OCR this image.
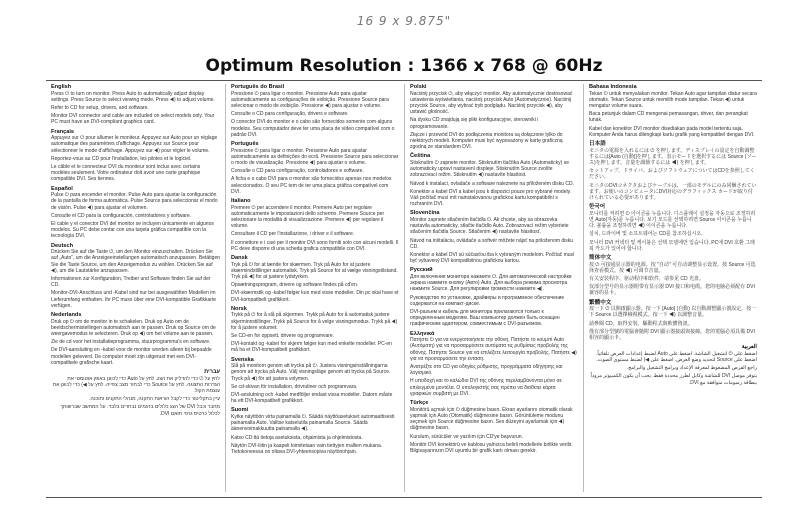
16 9 x 9.875"
Optimum Resolution : 1366 x 768 @ 60Hz
English

Press ⏻ to turn on monitor. Press Auto to automatically adjust display settings. Press Source to select viewing mode. Press ◀) to adjust volume.

Refer to CD for setup, drivers, and software.

Monitor DVI connector and cable are included on select models only. Your PC must have an DVI-compliant graphics card.

Français

Appuyez sur ⏻ pour allumer le moniteur. Appuyez sur Auto pour un réglage automatique des paramètres d'affichage. Appuyez sur Source pour sélectionner le mode d'affichage. Appuyez sur ◀) pour régler le volume.

Reportez-vous au CD pour l'installation, les pilotes et le logiciel.

Le câble et le connecteur DVI du moniteur sont inclus avec certains modèles seulement. Votre ordinateur doit avoir une carte graphique compatible DVI. Ses tiennes.

Español

Pulse ⏻ para encender el monitor. Pulse Auto para ajustar la configuración de la pantalla de forma automática. Pulse Source para seleccionar el modo de visión. Pulse ◀) para ajustar el volumen.

Consulte el CD para la configuración, controladores y software.

El cable y el conector DVI del monitor se incluyen únicamente en algunos modelos. Su PC debe contar con una tarjeta gráfica compatible con la tecnología DVI.

Deutsch

Drücken Sie auf die Taste ⏻, um den Monitor einzuschalten. Drücken Sie auf „Auto“, um die Anzeigeeinstellungen automatisch anzupassen. Betätigen Sie die Taste Source, um den Anzeigemodus zu wählen. Drücken Sie auf ◀), um die Lautstärke anzupassen.

Informationen zur Konfiguration, Treiber und Software finden Sie auf der CD.

Monitor-DVI-Anschluss und -Kabel sind nur bei ausgewählten Modellen im Lieferumfang enthalten. Ihr PC muss über eine DVI-kompatible Grafikkarte verfügen.

Nederlands

Druk op ⏻ om de monitor in te schakelen. Druk op Auto om de beeldschermistellingen automatisch aan te passen. Druk op Source om de weergavemodus te selecteren. Druk op ◀) om het volume aan te passen.

Zie de cd voor het installatieprogramma, stuurprogramma's en software.

De DVI-aansluiting en -kabel voor de monitor worden alleen bij bepaalde modellen geleverd. De computer moet zijn uitgerust met een DVI-compatibele grafische kaart.

עברית

לחץ על ⏻ כדי להדליק את הצג. לחץ על Auto כדי לכוונן באופן אוטומטי את הגדרות התצוגה. לחץ על Source כדי לבחור מצב צפייה. לחץ על ◀) כדי לכוונן את עוצמת הקול.

עיין בתקליטור כדי לקבל הוראות התקנה, מנהלי התקנים ותוכנה.

מחבר וכבל DVI של הצג כלולים בדגמים נבחרים בלבד. על המחשב שברשותך לכלול כרטיס גרפי תואם DVI.

Português do Brasil

Pressione ⏻ para ligar o monitor. Pressione Auto para ajustar automaticamente as configurações de exibição. Pressione Source para selecionar o modo de exibição. Pressione ◀) para ajustar o volume.

Consulte o CD para configuração, drivers e software.

O conector DVI do monitor e o cabo são fornecidos somente com alguns modelos. Seu computador deve ter uma placa de vídeo compatível com o padrão DVI.

Português

Pressione ⏻ para ligar o monitor. Pressione Auto para ajustar automaticamente as definições do ecrã. Pressione Source para seleccionar o modo de visualização. Pressione ◀) para ajustar o volume.

Consulte o CD para configuração, controladores e software.

A ficha e o cabo DVI para o monitor são fornecidos apenas nos modelos seleccionados. O seu PC tem de ter uma placa gráfica compatível com DVI.

Italiano

Premere ⏻ per accendere il monitor. Premere Auto per regolare automaticamente le impostazioni dello schermo. Premere Source per selezionare la modalità di visualizzazione. Premere ◀) per regolare il volume.

Consultare il CD per l'installazione, i driver e il software.

Il connettore e i cavi per il monitor DVI sono forniti solo con alcuni modelli. Il PC deve disporre di una scheda grafica compatibile con DVI.

Dansk

Tryk på ⏻ for at tænde for skærmen. Tryk på Auto for at justere skærmindstillinger automatisk. Tryk på Source for at vælge visningstilstand. Tryk på ◀) for at justere lydstyrken.

Opsætningsprogram, drivere og software findes på cd'en.

DVI-skærmstik og -kabel følger kun med visse modeller. Din pc skal have et DVI-kompatibelt grafikkort.

Norsk

Trykk på ⏻ for å slå på skjermen. Trykk på Auto for å automatisk justere skjerminnstillinger. Trykk på Source for å velge visningsmodus. Trykk på ◀) for å justere volumet.

Se CD-en for oppsett, drivere og programvare.

DVI-kontakt og -kabel for skjerm følger kun med enkelte modeller. PC-en må ha et DVI-kompatibelt grafikkort.

Svenska

Slå på monitorn genom att trycka på ⏻. Justera visningsinställningarna genom att trycka på Auto. Välj visningsläge genom att trycka på Source. Tryck på ◀) för att justera volymen.

Se cd-skivan för installation, drivrutiner och programvara.

DVI-anslutning och -kabel medföljer endast vissa modeller. Datorn måste ha ett DVI-kompatibelt grafikkort.

Suomi

Kytke näyttöön virta painamalla ⏻. Säädä näyttöasetukset automaattisesti painamalla Auto. Valitse katselutila painamalla Source. Säädä äänenvoimakkuutta painamalla ◀).

Katso CD:ltä tietoja asetuksista, ohjaimista ja ohjelmistosta.

Näytön DVI-liitin ja kaapeli toimitetaan vain tiettyjen mallien mukana. Tietokoneessa on oltava DVI-yhteensopiva näytönohjain.

Polski

Naciśnij przycisk ⏻, aby włączyć monitor. Aby automatycznie dostosować ustawienia wyświetlania, naciśnij przycisk Auto (Automatycznie). Naciśnij przycisk Source, aby wybrać tryb podglądu. Naciśnij przycisk ◀), aby ustawić głośność.

Na dysku CD znajdują się pliki konfiguracyjne, sterowniki i oprogramowanie.

Złącze i przewód DVI do podłączenia monitora są dołączone tylko do niektórych modeli. Komputer musi być wyposażony w kartę graficzną zgodną ze standardem DVI.

Čeština

Stisknutím ⏻ zapnete monitor. Stisknutím tlačítka Auto (Automaticky) se automaticky upraví nastavení displeje. Stisknutím Source zvolíte zobrazovací režim. Stisknutím ◀) nastavíte hlasitost.

Návod k instalaci, ovladače a software naleznete na přiloženém disku CD.

Konektor a kabel DVI a kabel jsou k dispozici pouze pro vybrané modely. Váš počítač musí mít nainstalovanou grafickou kartu kompatibilní s rozhraním DVI.

Slovenčina

Monitor zapnete stlačením tlačidla ⏻. Ak chcete, aby sa obrazovka nastavila automaticky, stlačte tlačidlo Auto. Zobrazovací režim vyberiete stlačením tlačidla Source. Stlačením ◀) nastavíte hlasitosť.

Návod na inštaláciu, ovládače a softvér môžete nájsť na priloženom disku CD.

Konektor a kábel DVI sú súčasťou iba k vybraným modelom. Počítač musí byť vybavený DVI kompatibilnou grafickou kartou.

Русский

Для включения монитора нажмите ⏻. Для автоматической настройки экрана нажмите кнопку (Авто) Auto. Для выбора режима просмотра нажмите Source. Для регулировки громкости нажмите ◀).

Руководство по установке, драйверы и программное обеспечение содержатся на компакт-диске.

DVI-разъем и кабель для монитора прилагаются только к определенным моделям. Ваш компьютер должен быть оснащен графическим адаптером, совместимым с DVI-разъемом.

Ελληνικά

Πατήστε ⏻ για να ενεργοποιήσετε την οθόνη. Πατήστε το κουμπί Auto (Αυτόματη) για να προσαρμόσετε αυτόματα τις ρυθμίσεις προβολής της οθόνης. Πατήστε Source για να επιλέξετε λειτουργία προβολής. Πατήστε ◀) για να προσαρμόσετε την ένταση.

Ανατρέξτε στο CD για οδηγίες ρύθμισης, προγράμματα οδήγησης και λογισμικό.

Η υποδοχή και το καλώδιο DVI της οθόνης περιλαμβάνονται μόνο σε επιλεγμένα μοντέλα. Ο υπολογιστής σας πρέπει να διαθέτει κάρτα γραφικών συμβατή με DVI.

Türkçe

Monitörü açmak için ⏻ düğmesine basın. Ekran ayarlarını otomatik olarak yapmak için Auto (Otomatik) düğmesine basın. Görüntüleme modunu seçmek için Source düğmesine basın. Ses düzeyini ayarlamak için ◀) düğmesine basın.

Kurulum, sürücüler ve yazılım için CD'ye başvurun.

Monitör DVI konektörü ve kablosu yalnızca belirli modellerle birlikte verilir. Bilgisayarınızın DVI uyumlu bir grafik kartı olması gerekir.

Bahasa Indonesia

Tekan ⏻ untuk menyalakan monitor. Tekan Auto agar tampilan diatur secara otomatis. Tekan Source untuk memilih mode tampilan. Tekan ◀) untuk mengatur volume suara.

Baca petunjuk dalam CD mengenai pemasangan, driver, dan perangkat lunak.

Kabel dan konektor DVI monitor disediakan pada model tertentu saja. Komputer Anda harus dilengkapi kartu grafik yang kompatibel dengan DVI.

日本語

モニタの電源を入れるには ⏻ を押します。ディスプレイの設定を自動調整するには[Auto (自動)]を押します。表示モードを選択するには Source (ソース)を押します。音量を調節するには ◀) を押します。

セットアップ、ドライバ、およびソフトウェアについてはCDを参照してください。

モニタのDVIコネクタおよびケーブルは、一部のモデルにのみ同梱されています。お使いのコンピュータにDVI対応のグラフィックス カードが取り付けられている必要があります。

한국어

모니터를 켜려면 ⏻ 이이콘을 누릅니다. 디스플레이 설정을 자동으로 조정하려면 Auto(자동)를 누릅니다. 보기 모드를 선택하려면 Source 이이콘을 누릅니다. 볼륨을 조절하려면 ◀) 이이콘을 누릅니다.

설치, 드라이버 및 소프트웨어는 CD를 참조하십시오.

모니터 DVI 커넥터 및 케이블은 선택 모델에만 입습니다. PC에 DVI 호환 그래픽 카드가 있어야 합니다.

简体中文

按 ⏻ 可接通显示器的电源。按 "自动" 可自动调整显示设置。按 Source 可选择查看模式。按 ◀) 可调节音量。

有关安装程序、驱动程序和软件，请参见 CD 光盘。

仅部分型号的显示器附带有显示器 DVI 接口和电缆。您的电脑必须配有 DVI 兼容的显卡。

繁體中文

按一下 ⏻ 以開啟顯示器。按一下 [Auto] (自動) 以自動調整顯示器設定。按一下 Source 以選擇檢視模式。按一下 ◀) 以調整音量。

請參閱 CD，取得安裝、驅動程式與軟體資訊。

僅有部分型號的電腦會隨附 DVI 顯示器接頭與接線。您的電腦必須具備 DVI 相容的顯示卡。

العربية

اضغط على ⏻ لتشغيل الشاشة. اضغط على Auto لضبط إعدادات العرض تلقائياً. اضغط على Source لتحديد وضع العرض. اضغط على ◀) لضبط مستوى الصوت.

راجع القرص المضغوط لمعرفة الإعداد وبرامج التشغيل والبرامج.

يتوفر موصل DVI للشاشة وكابل لطرز محددة فقط. يجب أن يكون الكمبيوتر مزوداً ببطاقة رسومات متوافقة مع DVI.
